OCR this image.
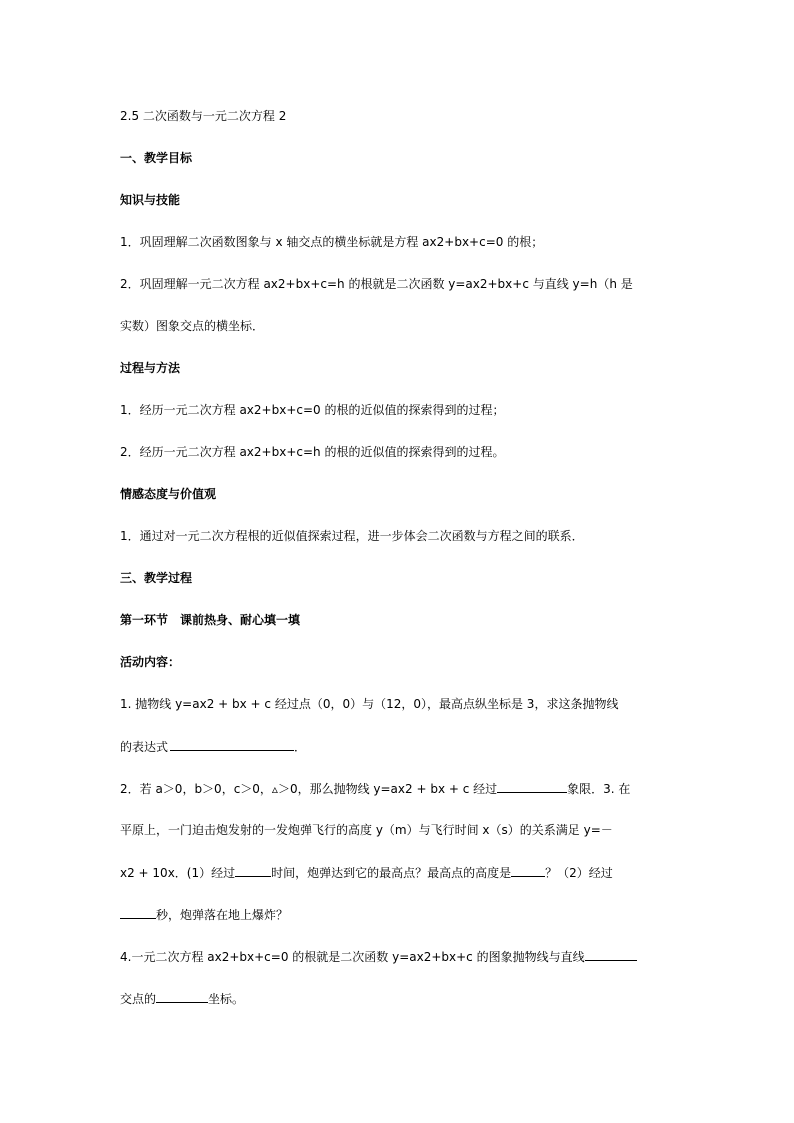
2.5 二次函数与一元二次方程 2
一、教学目标
知识与技能
1．巩固理解二次函数图象与 x 轴交点的横坐标就是方程 ax2+bx+c=0 的根；
2．巩固理解一元二次方程 ax2+bx+c=h 的根就是二次函数 y=ax2+bx+c 与直线 y=h（h 是
实数）图象交点的横坐标．
过程与方法
1．经历一元二次方程 ax2+bx+c=0 的根的近似值的探索得到的过程；
2．经历一元二次方程 ax2+bx+c=h 的根的近似值的探索得到的过程。
情感态度与价值观
1．通过对一元二次方程根的近似值探索过程，进一步体会二次函数与方程之间的联系．
三、教学过程
第一环节　课前热身、耐心填一填
活动内容：
1. 抛物线 y=ax2 + bx + c 经过点（0，0）与（12，0），最高点纵坐标是 3，求这条抛物线
的表达式	．
2．若 a＞0，b＞0，c＞0，▵＞0，那么抛物线 y=ax2 + bx + c 经过	象限．3. 在
平原上，一门迫击炮发射的一发炮弹飞行的高度 y（m）与飞行时间 x（s）的关系满足 y=－
x2 + 10x．(1）经过	时间，炮弹达到它的最高点？最高点的高度是	？（2）经过
秒，炮弹落在地上爆炸？
4.一元二次方程 ax2+bx+c=0 的根就是二次函数 y=ax2+bx+c 的图象抛物线与直线
交点的	坐标。
